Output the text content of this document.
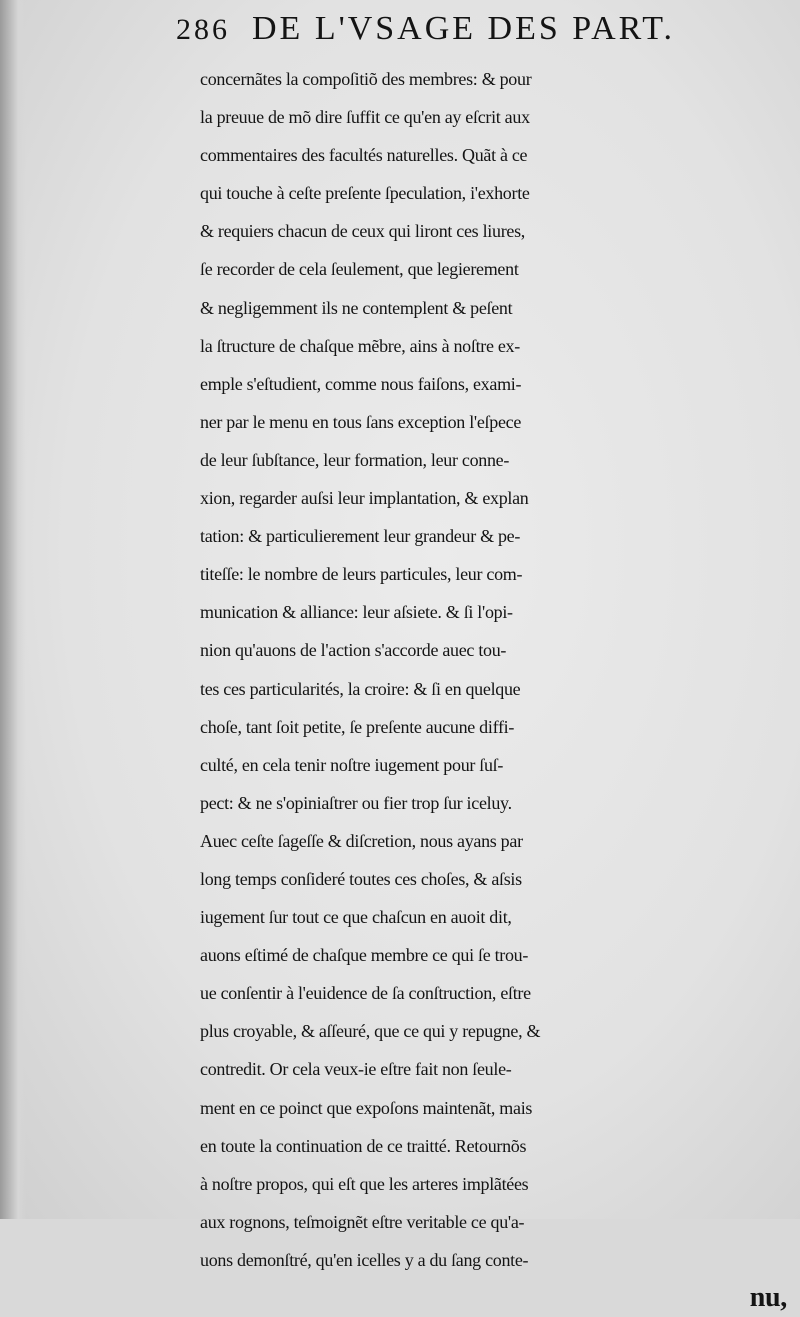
286 DE L'VSAGE DES PART.
concernãtes la compoſitiõ des membres: & pour
la preuue de mõ dire ſuffit ce qu'en ay eſcrit aux
commentaires des facultés naturelles. Quãt à ce
qui touche à ceſte preſente ſpeculation, i'exhorte
& requiers chacun de ceux qui liront ces liures,
ſe recorder de cela ſeulement, que legierement
& negligemment ils ne contemplent & peſent
la ſtructure de chaſque mẽbre, ains à noſtre ex-
emple s'eſtudient, comme nous faiſons, exami-
ner par le menu en tous ſans exception l'eſpece
de leur ſubſtance, leur formation, leur conne-
xion, regarder auſsi leur implantation, & explan
tation: & particulierement leur grandeur & pe-
titeſſe: le nombre de leurs particules, leur com-
munication & alliance: leur aſsiete. & ſi l'opi-
nion qu'auons de l'action s'accorde auec tou-
tes ces particularités, la croire: & ſi en quelque
choſe, tant ſoit petite, ſe preſente aucune diffi-
culté, en cela tenir noſtre iugement pour ſuſ-
pect: & ne s'opiniaſtrer ou fier trop ſur iceluy.
Auec ceſte ſageſſe & diſcretion, nous ayans par
long temps conſideré toutes ces choſes, & aſsis
iugement ſur tout ce que chaſcun en auoit dit,
auons eſtimé de chaſque membre ce qui ſe trou-
ue conſentir à l'euidence de ſa conſtruction, eſtre
plus croyable, & aſſeuré, que ce qui y repugne, &
contredit. Or cela veux-ie eſtre fait non ſeule-
ment en ce poinct que expoſons maintenãt, mais
en toute la continuation de ce traitté. Retournõs
à noſtre propos, qui eſt que les arteres implãtées
aux rognons, teſmoignẽt eſtre veritable ce qu'a-
uons demonſtré, qu'en icelles y a du ſang conte-
nu,
